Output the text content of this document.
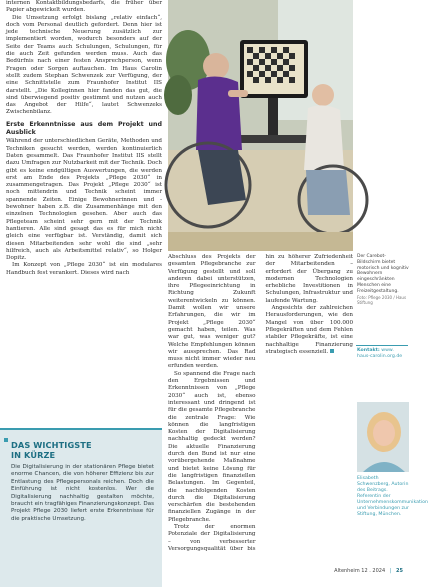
internen Kontaktbildungsbedarfs, die früher über Papier abgewickelt wurden.

Die Umsetzung erfolgt bislang „relativ einfach“, doch vom Personal deutlich gefordert. Denn hier ist jede technische Neuerung zusätzlich zur implementiert worden, wodurch besonders auf der Seite der Teams auch Schulungen, Schulungen, für die auch Zeit gefunden werden muss. Auch das Bedürfnis nach einer festen Ansprechperson, wenn Fragen oder Sorgen auftauchen. Im Haus Carolin stellt zudem Stephan Schwenzek zur Verfügung, der eine Schnittstelle zum Fraunhofer Institut IIS darstellt. „Die Kolleginnen hier fanden das gut, die sind überwiegend positiv gestimmt und nutzen auch das Angebot der Hilfe“, lautet Schwenzeks Zwischenbilanz.

Erste Erkenntnisse aus dem Projekt und Ausblick

Während der unterschiedlichen Geräte, Methoden und Techniken gesucht werden, werden kontinuierlich Daten gesammelt. Das Fraunhofer Institut IIS stellt dazu Umfragen zur Nutzbarkeit mit der Technik. Doch gibt es keine endgültigen Auswertungen, die werden erst am Ende des Projekts „Pflege 2030“ in zusammengetragen. Das Projekt „Pflege 2030“ ist noch mittendrin und Technik scheint immer spannende Zeiten. Einige Bewohnerinnen und -bewohner haben z.B. die Zusammenhänge mit den einzelnen Technologien gesehen. Aber auch das Pflegeteam scheint sehr gern mit der Technik hantieren. Alle sind gesagt das es für mich nicht gleich eine verfügbar ist. Verständig, damit sich diesen Mitarbeitenden sehr wohl die sind „sehr hilfreich, auch als Arbeitsmittel relativ“, so Holger Dopitz.

Im Konzept von „Pflege 2030“ ist ein modulares Handbuch fest verankert. Dieses wird nach

Der Carebot-Bildschirm bietet motorisch und kognitiv Bewohnern eingeschränkten Menschen eine Freizeitgestaltung.
Foto: Pflege 2030 / Haus Stiftung

Abschluss des Projekts der gesamten Pflegebranche zur Verfügung gestellt und soll anderen dabei unterstützen, ihre Pflegeeinrichtung in Richtung Zukunft weiterentwickeln zu können. Damit wollen wir unsere Erfahrungen, die wir im Projekt „Pflege 2030“ gemacht haben, teilen. Was war gut, was weniger gut? Welche Empfehlungen können wir aussprechen. Das Rad muss nicht immer wieder neu erfunden werden.

So spannend die Frage nach den Ergebnissen und Erkenntnissen von „Pflege 2030“ auch ist, ebenso interessant und dringend ist für die gesamte Pflegebranche die zentrale Frage: Wie können die langfristigen Kosten der Digitalisierung nachhaltig gedeckt werden? Die aktuelle Finanzierung durch den Bund ist nur eine vorübergehende Maßnahme und bietet keine Lösung für die langfristigen finanziellen Belastungen. Im Gegenteil, die nachfolgenden Kosten durch die Digitalisierung verschärfen die bestehenden finanziellen Zugänge in der Pflegebranche.

Trotz der enormen Potenziale der Digitalisierung – von verbesserter Versorgungsqualität über bis hin zu höherer Zufriedenheit der Mitarbeitenden – erfordert der Übergang zu modernen Technologien erhebliche Investitionen in Schulungen, Infrastruktur und laufende Wartung.

Angesichts der zahlreichen Herausforderungen, wie den Mangel von über 100.000 Pflegekräften und dem Fehlen stabiler Pflegekräfte, ist eine nachhaltige Finanzierung strategisch essenziell.	Kontakt: www.
haus-carolin.org.de
Elisabeth Schwenzberg, Autorin des Beitrags. Referentin der Unternehmenskommunikation und Verbindungen zur Stiftung, München.
DAS WICHTIGSTE
IN KÜRZE
Die Digitalisierung in der stationären Pflege bietet enorme Chancen, die von höherer Effizienz bis zur Entlastung des Pflegepersonals reichen. Doch die Einführung ist nicht kostenlos. Wer die Digitalisierung nachhaltig gestalten möchte, braucht ein tragfähiges Finanzierungskonzept. Das Projekt Pflege 2030 liefert erste Erkenntnisse für die praktische Umsetzung.
Altenheim 12 . 2024 | 25
